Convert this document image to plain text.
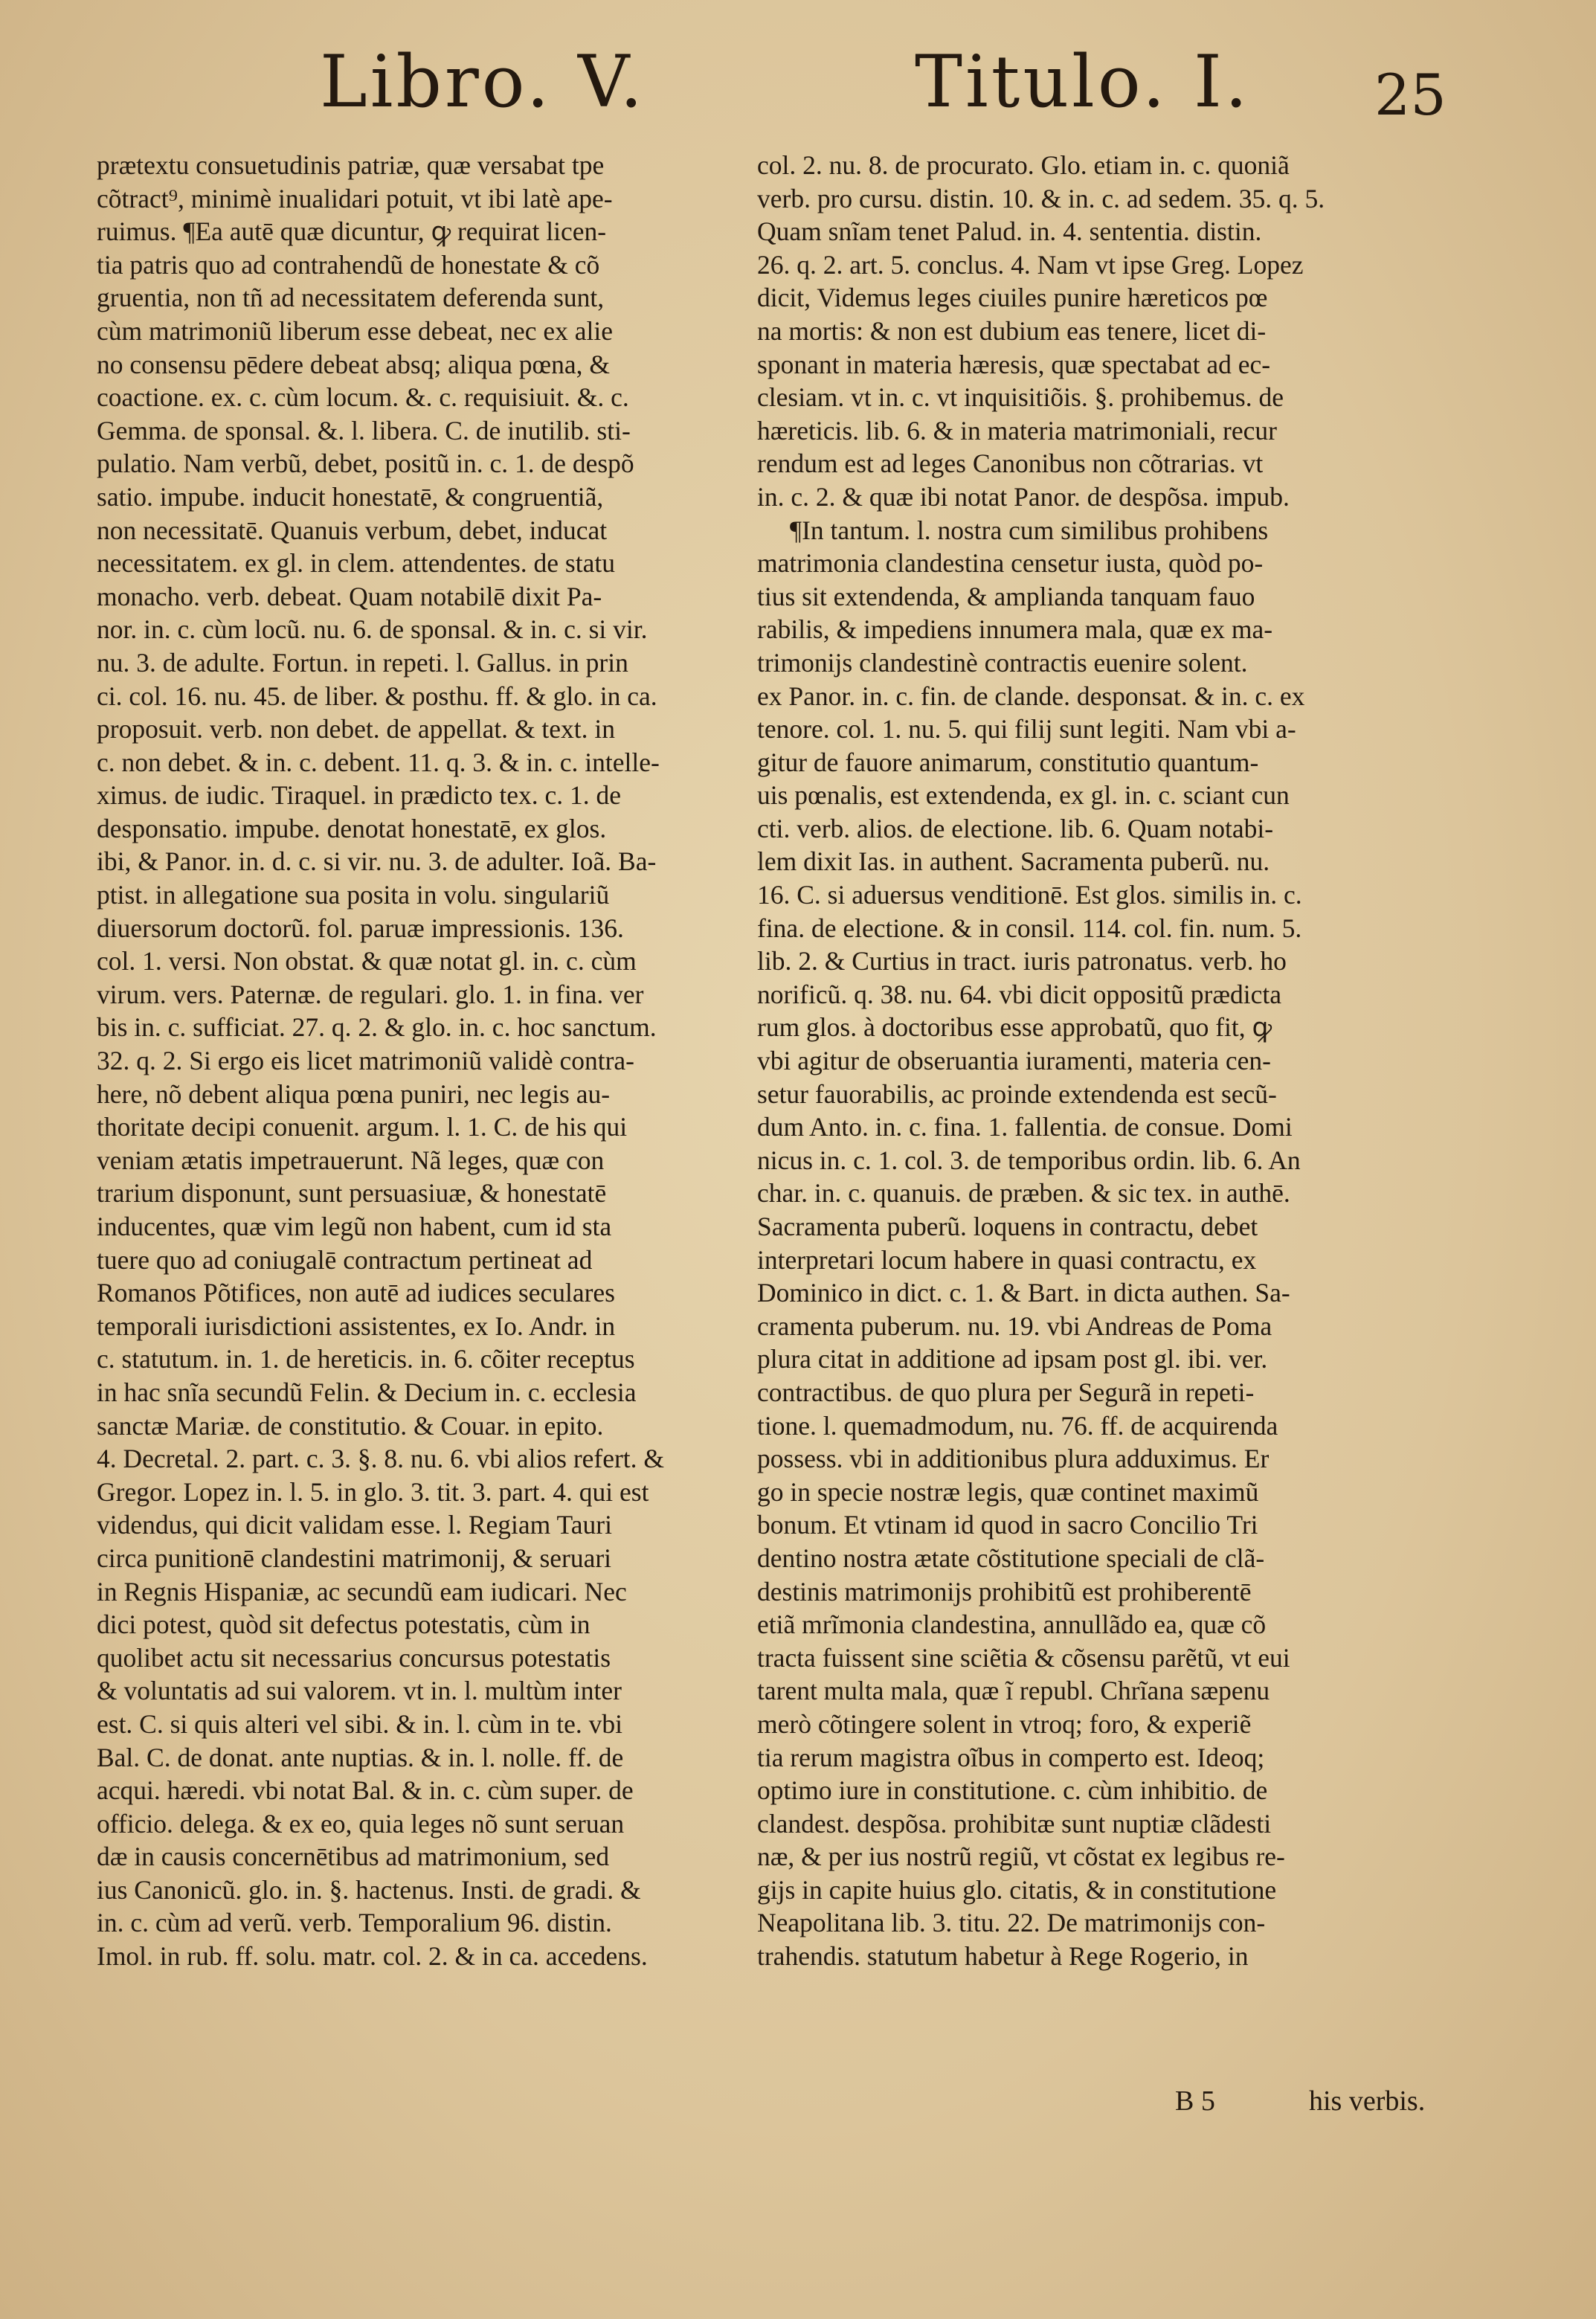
Libro. V.	Titulo. I. 25
prætextu consuetudinis patriæ, quæ versabat tpe
cõtract⁹, minimè inualidari potuit, vt ibi latè ape-
ruimus. ¶Ea autē quæ dicuntur, ꝙ requirat licen-
tia patris quo ad contrahendũ de honestate & cõ
gruentia, non tñ ad necessitatem deferenda sunt,
cùm matrimoniũ liberum esse debeat, nec ex alie
no consensu pēdere debeat absq; aliqua pœna, &
coactione. ex. c. cùm locum. &. c. requisiuit. &. c.
Gemma. de sponsal. &. l. libera. C. de inutilib. sti-
pulatio. Nam verbũ, debet, positũ in. c. 1. de despõ
satio. impube. inducit honestatē, & congruentiã,
non necessitatē. Quanuis verbum, debet, inducat
necessitatem. ex gl. in clem. attendentes. de statu
monacho. verb. debeat. Quam notabilē dixit Pa-
nor. in. c. cùm locũ. nu. 6. de sponsal. & in. c. si vir.
nu. 3. de adulte. Fortun. in repeti. l. Gallus. in prin
ci. col. 16. nu. 45. de liber. & posthu. ff. & glo. in ca.
proposuit. verb. non debet. de appellat. & text. in
c. non debet. & in. c. debent. 11. q. 3. & in. c. intelle-
ximus. de iudic. Tiraquel. in prædicto tex. c. 1. de
desponsatio. impube. denotat honestatē, ex glos.
ibi, & Panor. in. d. c. si vir. nu. 3. de adulter. Ioã. Ba-
ptist. in allegatione sua posita in volu. singulariũ
diuersorum doctorũ. fol. paruæ impressionis. 136.
col. 1. versi. Non obstat. & quæ notat gl. in. c. cùm
virum. vers. Paternæ. de regulari. glo. 1. in fina. ver
bis in. c. sufficiat. 27. q. 2. & glo. in. c. hoc sanctum.
32. q. 2. Si ergo eis licet matrimoniũ validè contra-
here, nõ debent aliqua pœna puniri, nec legis au-
thoritate decipi conuenit. argum. l. 1. C. de his qui
veniam ætatis impetrauerunt. Nã leges, quæ con
trarium disponunt, sunt persuasiuæ, & honestatē
inducentes, quæ vim legũ non habent, cum id sta
tuere quo ad coniugalē contractum pertineat ad
Romanos Põtifices, non autē ad iudices seculares
temporali iurisdictioni assistentes, ex Io. Andr. in
c. statutum. in. 1. de hereticis. in. 6. cõiter receptus
in hac snĩa secundũ Felin. & Decium in. c. ecclesia
sanctæ Mariæ. de constitutio. & Couar. in epito.
4. Decretal. 2. part. c. 3. §. 8. nu. 6. vbi alios refert. &
Gregor. Lopez in. l. 5. in glo. 3. tit. 3. part. 4. qui est
videndus, qui dicit validam esse. l. Regiam Tauri
circa punitionē clandestini matrimonij, & seruari
in Regnis Hispaniæ, ac secundũ eam iudicari. Nec
dici potest, quòd sit defectus potestatis, cùm in
quolibet actu sit necessarius concursus potestatis
& voluntatis ad sui valorem. vt in. l. multùm inter
est. C. si quis alteri vel sibi. & in. l. cùm in te. vbi
Bal. C. de donat. ante nuptias. & in. l. nolle. ff. de
acqui. hæredi. vbi notat Bal. & in. c. cùm super. de
officio. delega. & ex eo, quia leges nõ sunt seruan
dæ in causis concernētibus ad matrimonium, sed
ius Canonicũ. glo. in. §. hactenus. Insti. de gradi. &
in. c. cùm ad verũ. verb. Temporalium 96. distin.
Imol. in rub. ff. solu. matr. col. 2. & in ca. accedens.
col. 2. nu. 8. de procurato. Glo. etiam in. c. quoniã
verb. pro cursu. distin. 10. & in. c. ad sedem. 35. q. 5.
Quam snĩam tenet Palud. in. 4. sententia. distin.
26. q. 2. art. 5. conclus. 4. Nam vt ipse Greg. Lopez
dicit, Videmus leges ciuiles punire hæreticos pœ
na mortis: & non est dubium eas tenere, licet di-
sponant in materia hæresis, quæ spectabat ad ec-
clesiam. vt in. c. vt inquisitiõis. §. prohibemus. de
hæreticis. lib. 6. & in materia matrimoniali, recur
rendum est ad leges Canonibus non cõtrarias. vt
in. c. 2. & quæ ibi notat Panor. de despõsa. impub.
¶In tantum. l. nostra cum similibus prohibens
matrimonia clandestina censetur iusta, quòd po-
tius sit extendenda, & amplianda tanquam fauo
rabilis, & impediens innumera mala, quæ ex ma-
trimonijs clandestinè contractis euenire solent.
ex Panor. in. c. fin. de clande. desponsat. & in. c. ex
tenore. col. 1. nu. 5. qui filij sunt legiti. Nam vbi a-
gitur de fauore animarum, constitutio quantum-
uis pœnalis, est extendenda, ex gl. in. c. sciant cun
cti. verb. alios. de electione. lib. 6. Quam notabi-
lem dixit Ias. in authent. Sacramenta puberũ. nu.
16. C. si aduersus venditionē. Est glos. similis in. c.
fina. de electione. & in consil. 114. col. fin. num. 5.
lib. 2. & Curtius in tract. iuris patronatus. verb. ho
norificũ. q. 38. nu. 64. vbi dicit oppositũ prædicta
rum glos. à doctoribus esse approbatũ, quo fit, ꝙ
vbi agitur de obseruantia iuramenti, materia cen-
setur fauorabilis, ac proinde extendenda est secũ-
dum Anto. in. c. fina. 1. fallentia. de consue. Domi
nicus in. c. 1. col. 3. de temporibus ordin. lib. 6. An
char. in. c. quanuis. de præben. & sic tex. in authē.
Sacramenta puberũ. loquens in contractu, debet
interpretari locum habere in quasi contractu, ex
Dominico in dict. c. 1. & Bart. in dicta authen. Sa-
cramenta puberum. nu. 19. vbi Andreas de Poma
plura citat in additione ad ipsam post gl. ibi. ver.
contractibus. de quo plura per Segurã in repeti-
tione. l. quemadmodum, nu. 76. ff. de acquirenda
possess. vbi in additionibus plura adduximus. Er
go in specie nostræ legis, quæ continet maximũ
bonum. Et vtinam id quod in sacro Concilio Tri
dentino nostra ætate cõstitutione speciali de clã-
destinis matrimonijs prohibitũ est prohiberentē
etiã mrĩmonia clandestina, annullãdo ea, quæ cõ
tracta fuissent sine sciẽtia & cõsensu parẽtũ, vt eui
tarent multa mala, quæ ĩ republ. Chrĩana sæpenu
merò cõtingere solent in vtroq; foro, & experiẽ
tia rerum magistra oĩbus in comperto est. Ideoq;
optimo iure in constitutione. c. cùm inhibitio. de
clandest. despõsa. prohibitæ sunt nuptiæ clãdesti
næ, & per ius nostrũ regiũ, vt cõstat ex legibus re-
gijs in capite huius glo. citatis, & in constitutione
Neapolitana lib. 3. titu. 22. De matrimonijs con-
trahendis. statutum habetur à Rege Rogerio, in
B 5	his verbis.
